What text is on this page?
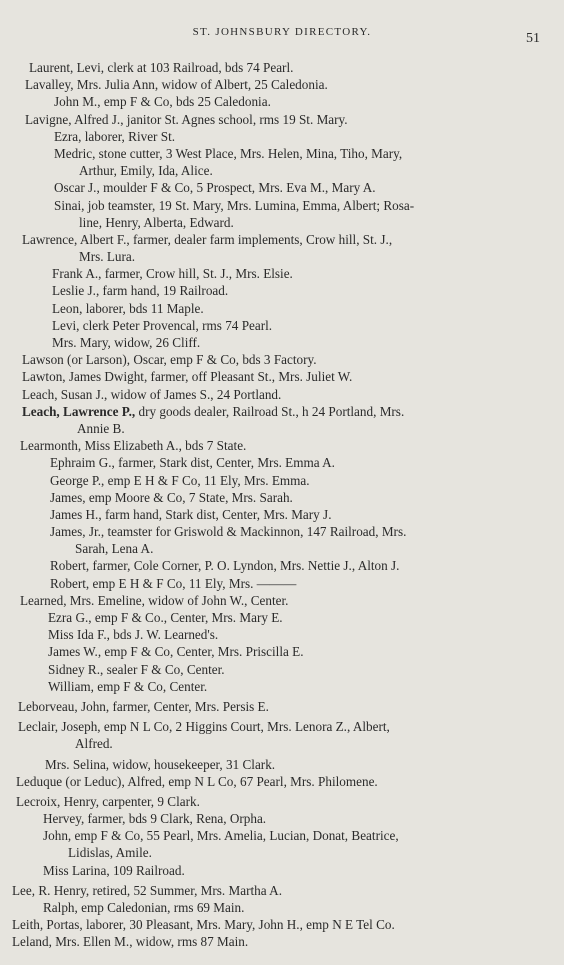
ST. JOHNSBURY DIRECTORY.	51
Laurent, Levi, clerk at 103 Railroad, bds 74 Pearl.
Lavalley, Mrs. Julia Ann, widow of Albert, 25 Caledonia.
John M., emp F & Co, bds 25 Caledonia.
Lavigne, Alfred J., janitor St. Agnes school, rms 19 St. Mary.
Ezra, laborer, River St.
Medric, stone cutter, 3 West Place, Mrs. Helen, Mina, Tiho, Mary,
Arthur, Emily, Ida, Alice.
Oscar J., moulder F & Co, 5 Prospect, Mrs. Eva M., Mary A.
Sinai, job teamster, 19 St. Mary, Mrs. Lumina, Emma, Albert; Rosa-
line, Henry, Alberta, Edward.
Lawrence, Albert F., farmer, dealer farm implements, Crow hill, St. J.,
Mrs. Lura.
Frank A., farmer, Crow hill, St. J., Mrs. Elsie.
Leslie J., farm hand, 19 Railroad.
Leon, laborer, bds 11 Maple.
Levi, clerk Peter Provencal, rms 74 Pearl.
Mrs. Mary, widow, 26 Cliff.
Lawson (or Larson), Oscar, emp F & Co, bds 3 Factory.
Lawton, James Dwight, farmer, off Pleasant St., Mrs. Juliet W.
Leach, Susan J., widow of James S., 24 Portland.
Leach, Lawrence P., dry goods dealer, Railroad St., h 24 Portland, Mrs.
Annie B.
Learmonth, Miss Elizabeth A., bds 7 State.
Ephraim G., farmer, Stark dist, Center, Mrs. Emma A.
George P., emp E H & F Co, 11 Ely, Mrs. Emma.
James, emp Moore & Co, 7 State, Mrs. Sarah.
James H., farm hand, Stark dist, Center, Mrs. Mary J.
James, Jr., teamster for Griswold & Mackinnon, 147 Railroad, Mrs.
Sarah, Lena A.
Robert, farmer, Cole Corner, P. O. Lyndon, Mrs. Nettie J., Alton J.
Robert, emp E H & F Co, 11 Ely, Mrs. ———
Learned, Mrs. Emeline, widow of John W., Center.
Ezra G., emp F & Co., Center, Mrs. Mary E.
Miss Ida F., bds J. W. Learned's.
James W., emp F & Co, Center, Mrs. Priscilla E.
Sidney R., sealer F & Co, Center.
William, emp F & Co, Center.
Leborveau, John, farmer, Center, Mrs. Persis E.
Leclair, Joseph, emp N L Co, 2 Higgins Court, Mrs. Lenora Z., Albert,
Alfred.
Mrs. Selina, widow, housekeeper, 31 Clark.
Leduque (or Leduc), Alfred, emp N L Co, 67 Pearl, Mrs. Philomene.
Lecroix, Henry, carpenter, 9 Clark.
Hervey, farmer, bds 9 Clark, Rena, Orpha.
John, emp F & Co, 55 Pearl, Mrs. Amelia, Lucian, Donat, Beatrice,
Lidislas, Amile.
Miss Larina, 109 Railroad.
Lee, R. Henry, retired, 52 Summer, Mrs. Martha A.
Ralph, emp Caledonian, rms 69 Main.
Leith, Portas, laborer, 30 Pleasant, Mrs. Mary, John H., emp N E Tel Co.
Leland, Mrs. Ellen M., widow, rms 87 Main.
